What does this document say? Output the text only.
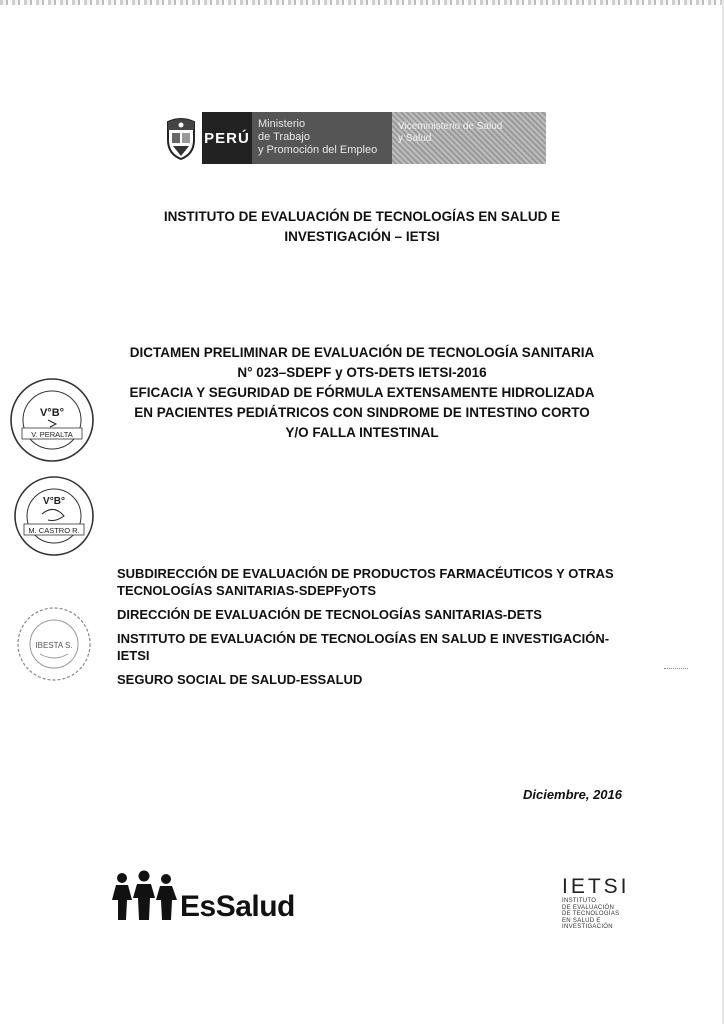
PERÚ
Ministerio
de Trabajo
y Promoción del Empleo
Viceministerio de Salud
y Salud
INSTITUTO DE EVALUACIÓN DE TECNOLOGÍAS EN SALUD E
INVESTIGACIÓN – IETSI
DICTAMEN PRELIMINAR DE EVALUACIÓN DE TECNOLOGÍA SANITARIA
N° 023–SDEPF y OTS-DETS IETSI-2016
EFICACIA Y SEGURIDAD DE FÓRMULA EXTENSAMENTE HIDROLIZADA
EN PACIENTES PEDIÁTRICOS CON SINDROME DE INTESTINO CORTO
Y/O FALLA INTESTINAL
V°B°
V. PERALTA
V°B°
M. CASTRO R.
IBESTA S.
SUBDIRECCIÓN DE EVALUACIÓN DE PRODUCTOS FARMACÉUTICOS Y OTRAS
TECNOLOGÍAS SANITARIAS-SDEPFyOTS
DIRECCIÓN DE EVALUACIÓN DE TECNOLOGÍAS SANITARIAS-DETS
INSTITUTO DE EVALUACIÓN DE TECNOLOGÍAS EN SALUD E INVESTIGACIÓN-
IETSI
SEGURO SOCIAL DE SALUD-ESSALUD
Diciembre, 2016
EsSalud
IETSI
INSTITUTO
DE EVALUACIÓN
DE TECNOLOGÍAS
EN SALUD E
INVESTIGACIÓN
